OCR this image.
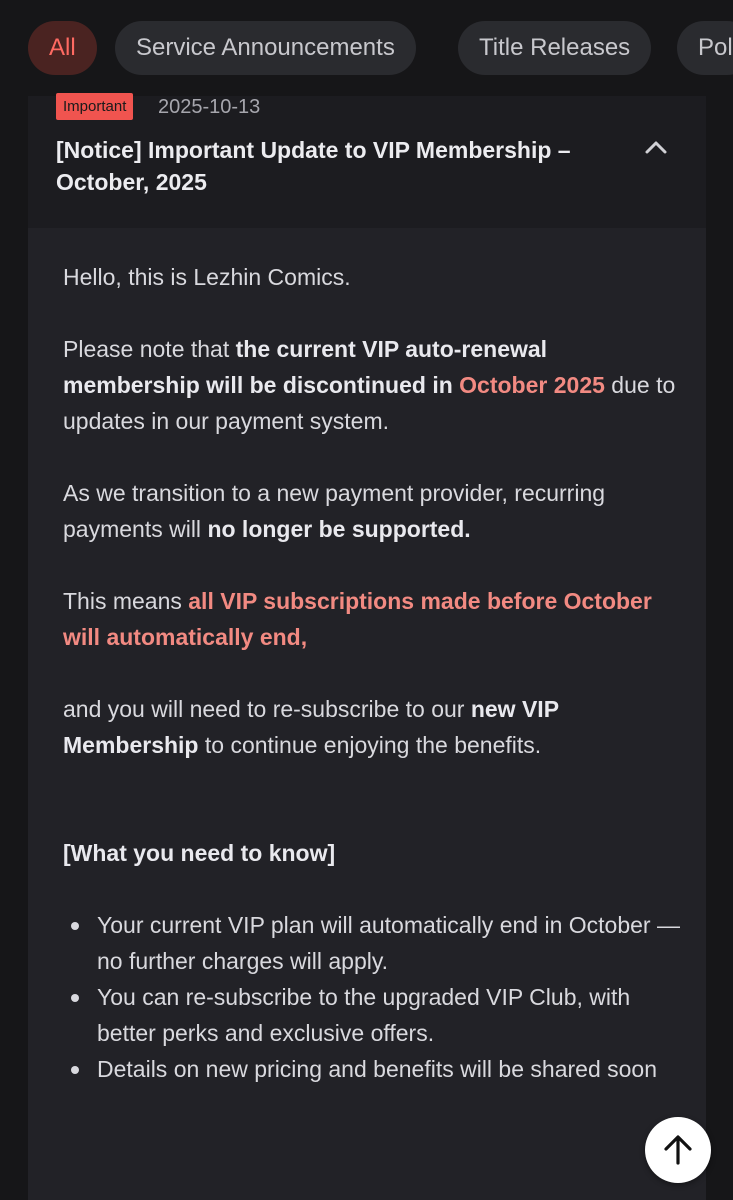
All	Service Announcements	Title Releases	Pol
Important	2025-10-13
[Notice] Important Update to VIP Membership – October, 2025

Hello, this is Lezhin Comics.

Please note that the current VIP auto-renewal membership will be discontinued in October 2025 due to updates in our payment system.

As we transition to a new payment provider, recurring payments will no longer be supported.

This means all VIP subscriptions made before October will automatically end,

and you will need to re-subscribe to our new VIP Membership to continue enjoying the benefits.

[What you need to know]

Your current VIP plan will automatically end in October — no further charges will apply.
You can re-subscribe to the upgraded VIP Club, with better perks and exclusive offers.
Details on new pricing and benefits will be shared soon
